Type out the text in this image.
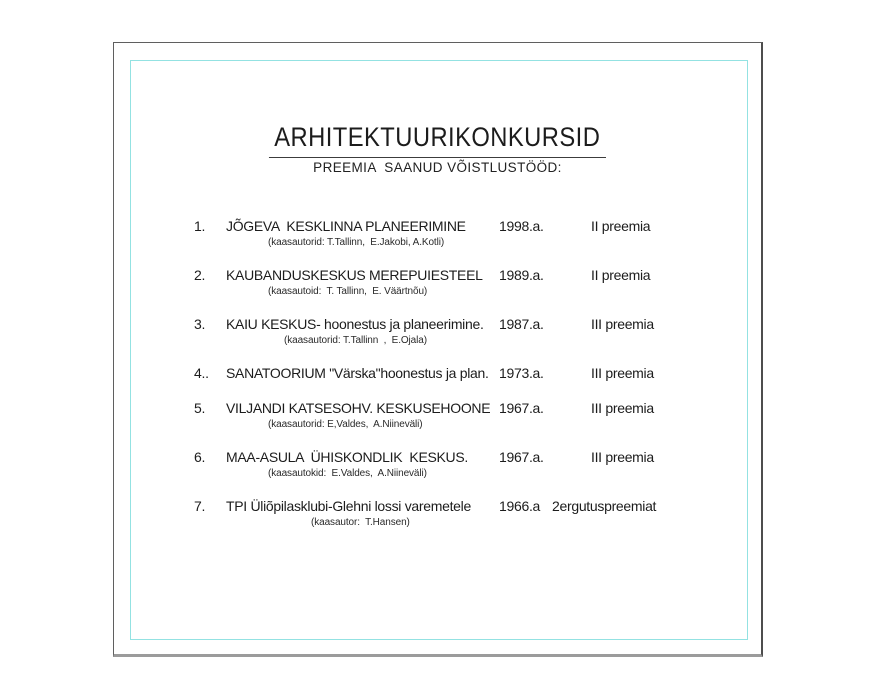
ARHITEKTUURIKONKURSID
PREEMIA  SAANUD VÕISTLUSTÖÖD:
1.	JÕGEVA  KESKLINNA PLANEERIMINE	1998.a.	II preemia
(kaasautorid: T.Tallinn,  E.Jakobi, A.Kotli)
2.	KAUBANDUSKESKUS MEREPUIESTEEL	1989.a.	II preemia
(kaasautoid:  T. Tallinn,  E. Väärtnõu)
3.	KAIU KESKUS- hoonestus ja planeerimine.	1987.a.	III preemia
(kaasautorid: T.Tallinn  ,  E.Ojala)
4..	SANATOORIUM "Värska"hoonestus ja plan. 1973.a.	III preemia
5.	VILJANDI KATSESOHV. KESKUSEHOONE 1967.a.	III preemia
(kaasautorid: E,Valdes,  A.Niineväli)
6.	MAA-ASULA  ÜHISKONDLIK  KESKUS.	1967.a.	III preemia
(kaasautokid:  E.Valdes,  A.Niineväli)
7.	TPI Üliõpilasklubi-Glehni lossi varemetele	1966.a 2ergutuspreemiat
(kaasautor:  T.Hansen)
